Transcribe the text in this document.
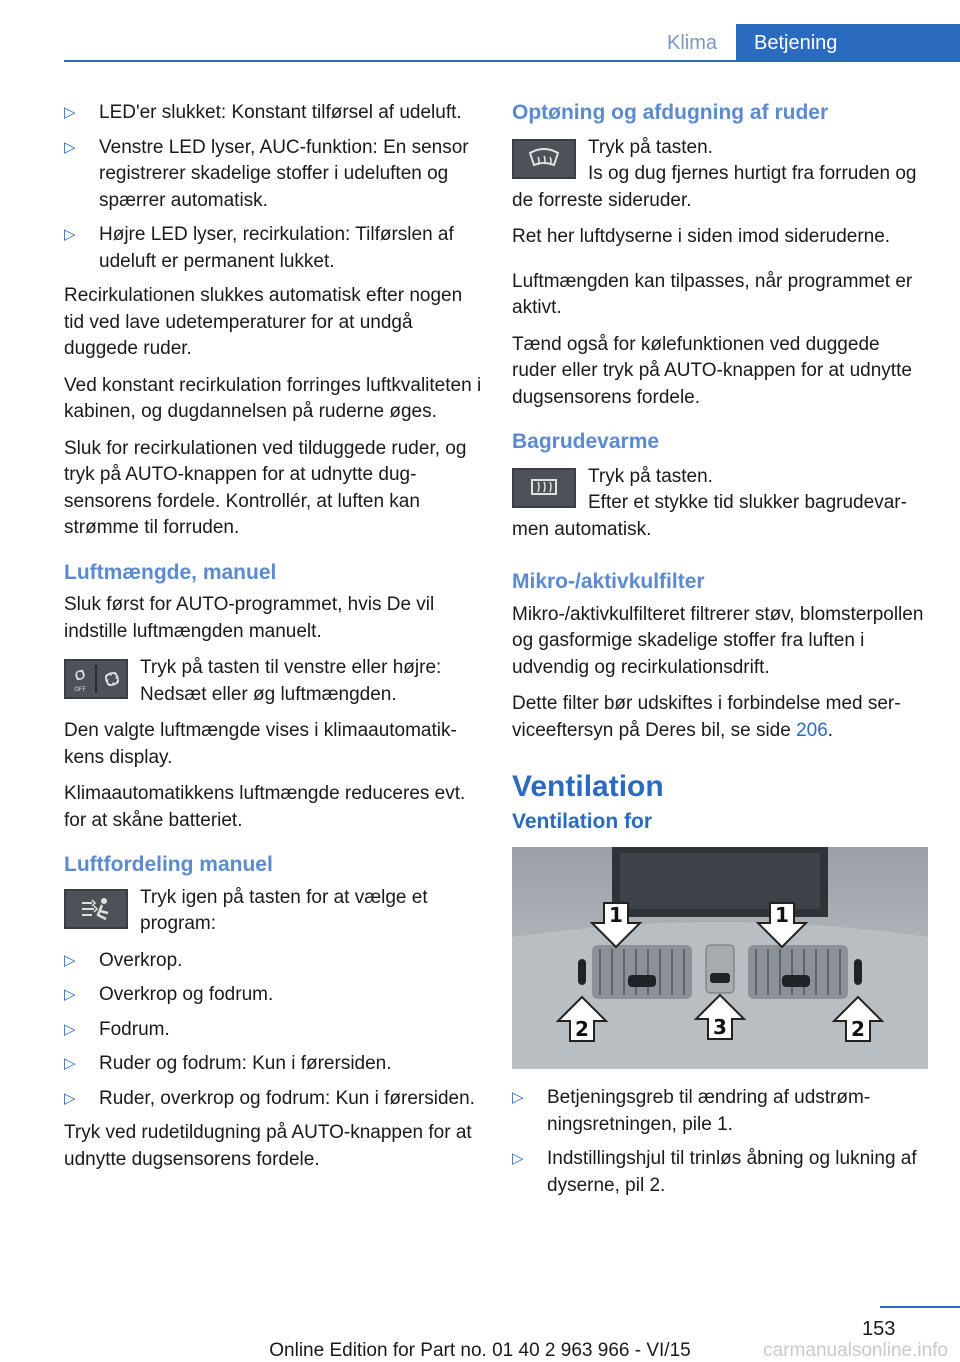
Klima	Betjening
▷ LED'er slukket: Konstant tilførsel af udeluft.
▷ Venstre LED lyser, AUC-funktion: En sensor registrerer skadelige stoffer i udeluften og spærrer automatisk.
▷ Højre LED lyser, recirkulation: Tilførslen af udeluft er permanent lukket.

Recirkulationen slukkes automatisk efter nogen tid ved lave udetemperaturer for at undgå duggede ruder.

Ved konstant recirkulation forringes luftkvaliteten i kabinen, og dugdannelsen på ruderne øges.

Sluk for recirkulationen ved tilduggede ruder, og tryk på AUTO-knappen for at udnytte dugsensorens fordele. Kontrollér, at luften kan strømme til forruden.

Luftmængde, manuel

Sluk først for AUTO-programmet, hvis De vil indstille luftmængden manuelt.

OFF
Tryk på tasten til venstre eller højre: Nedsæt eller øg luftmængden.

Den valgte luftmængde vises i klimaautomatikkens display.

Klimaautomatikkens luftmængde reduceres evt. for at skåne batteriet.

Luftfordeling manuel
Tryk igen på tasten for at vælge et program:
▷ Overkrop.
▷ Overkrop og fodrum.
▷ Fodrum.
▷ Ruder og fodrum: Kun i førersiden.
▷ Ruder, overkrop og fodrum: Kun i førersiden.

Tryk ved rudetildugning på AUTO-knappen for at udnytte dugsensorens fordele.

Optøning og afdugning af ruder
Tryk på tasten.
Is og dug fjernes hurtigt fra forruden og de forreste sideruder.

Ret her luftdyserne i siden imod sideruderne.

Luftmængden kan tilpasses, når programmet er aktivt.

Tænd også for kølefunktionen ved duggede ruder eller tryk på AUTO-knappen for at udnytte dugsensorens fordele.

Bagrudevarme
Tryk på tasten.
Efter et stykke tid slukker bagrudevarmen automatisk.
Mikro-/aktivkulfilter

Mikro-/aktivkulfilteret filtrerer støv, blomsterpollen og gasformige skadelige stoffer fra luften i udvendig og recirkulationsdrift.

Dette filter bør udskiftes i forbindelse med serviceeftersyn på Deres bil, se side 206.

Ventilation
Ventilation for
1	1
2	3	2
▷ Betjeningsgreb til ændring af udstrømningsretningen, pile 1.
▷ Indstillingshjul til trinløs åbning og lukning af dyserne, pil 2.
153
Online Edition for Part no. 01 40 2 963 966 - VI/15	carmanualsonline.info
